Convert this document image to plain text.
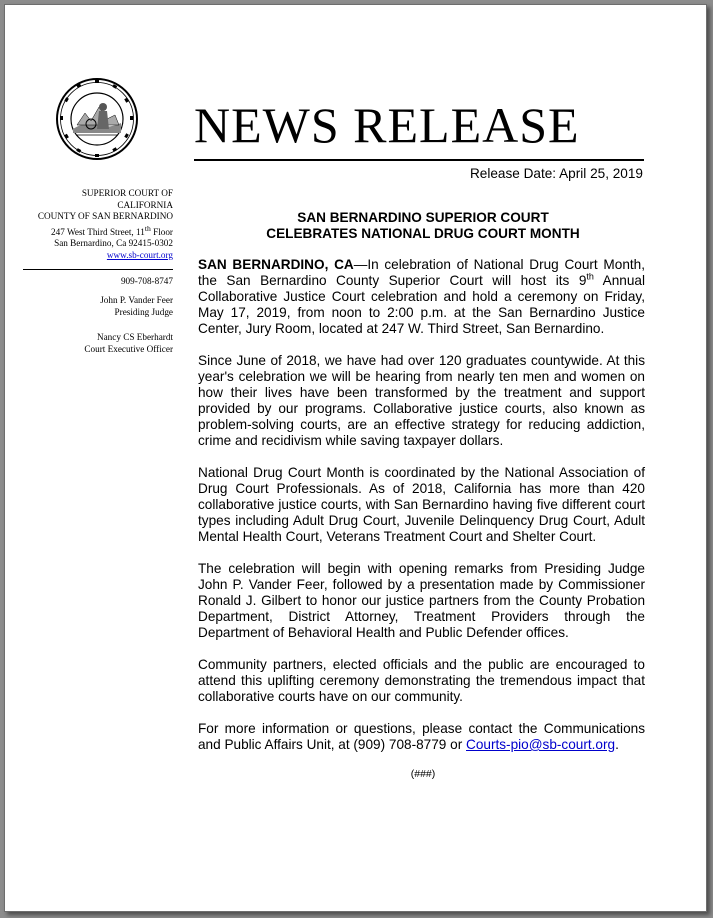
NEWS RELEASE
Release Date: April 25, 2019
SUPERIOR COURT OF
CALIFORNIA
COUNTY OF SAN BERNARDINO
247 West Third Street, 11th Floor
San Bernardino, Ca 92415-0302
www.sb-court.org
909-708-8747
John P. Vander Feer
Presiding Judge
Nancy CS Eberhardt
Court Executive Officer
SAN BERNARDINO SUPERIOR COURT
CELEBRATES NATIONAL DRUG COURT MONTH

SAN BERNARDINO, CA—In celebration of National Drug Court Month, the San Bernardino County Superior Court will host its 9th Annual Collaborative Justice Court celebration and hold a ceremony on Friday, May 17, 2019, from noon to 2:00 p.m. at the San Bernardino Justice Center, Jury Room, located at 247 W. Third Street, San Bernardino.

Since June of 2018, we have had over 120 graduates countywide. At this year's celebration we will be hearing from nearly ten men and women on how their lives have been transformed by the treatment and support provided by our programs. Collaborative justice courts, also known as problem-solving courts, are an effective strategy for reducing addiction, crime and recidivism while saving taxpayer dollars.

National Drug Court Month is coordinated by the National Association of Drug Court Professionals. As of 2018, California has more than 420 collaborative justice courts, with San Bernardino having five different court types including Adult Drug Court, Juvenile Delinquency Drug Court, Adult Mental Health Court, Veterans Treatment Court and Shelter Court.

The celebration will begin with opening remarks from Presiding Judge John P. Vander Feer, followed by a presentation made by Commissioner Ronald J. Gilbert to honor our justice partners from the County Probation Department, District Attorney, Treatment Providers through the Department of Behavioral Health and Public Defender offices.

Community partners, elected officials and the public are encouraged to attend this uplifting ceremony demonstrating the tremendous impact that collaborative courts have on our community.

For more information or questions, please contact the Communications and Public Affairs Unit, at (909) 708-8779 or Courts-pio@sb-court.org.

(###)
